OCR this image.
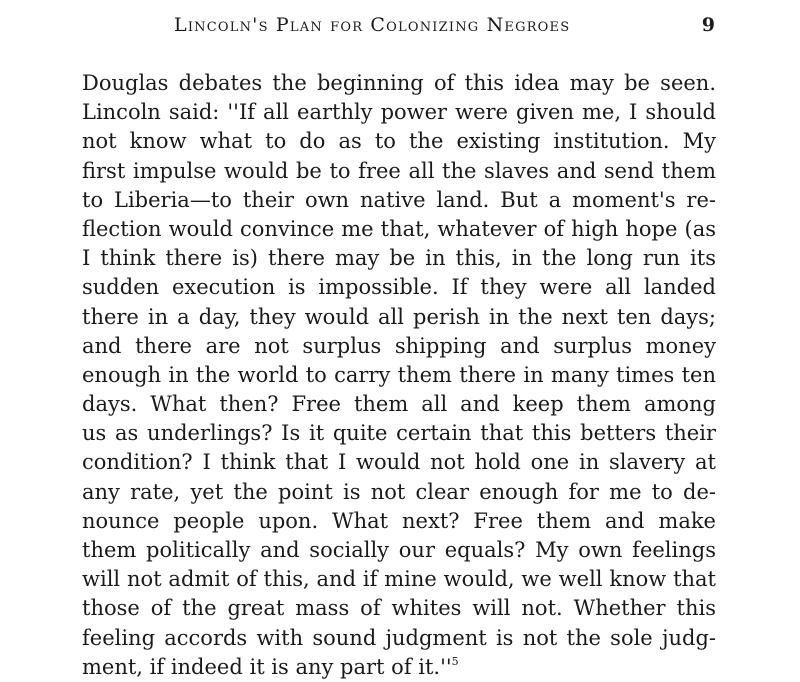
Lincoln's Plan for Colonizing Negroes	9
Douglas debates the beginning of this idea may be seen.
Lincoln said: ''If all earthly power were given me, I should
not know what to do as to the existing institution. My
first impulse would be to free all the slaves and send them
to Liberia—to their own native land. But a moment's re-
flection would convince me that, whatever of high hope (as
I think there is) there may be in this, in the long run its
sudden execution is impossible. If they were all landed
there in a day, they would all perish in the next ten days;
and there are not surplus shipping and surplus money
enough in the world to carry them there in many times ten
days. What then? Free them all and keep them among
us as underlings? Is it quite certain that this betters their
condition? I think that I would not hold one in slavery at
any rate, yet the point is not clear enough for me to de-
nounce people upon. What next? Free them and make
them politically and socially our equals? My own feelings
will not admit of this, and if mine would, we well know that
those of the great mass of whites will not. Whether this
feeling accords with sound judgment is not the sole judg-
ment, if indeed it is any part of $it.''^5$
